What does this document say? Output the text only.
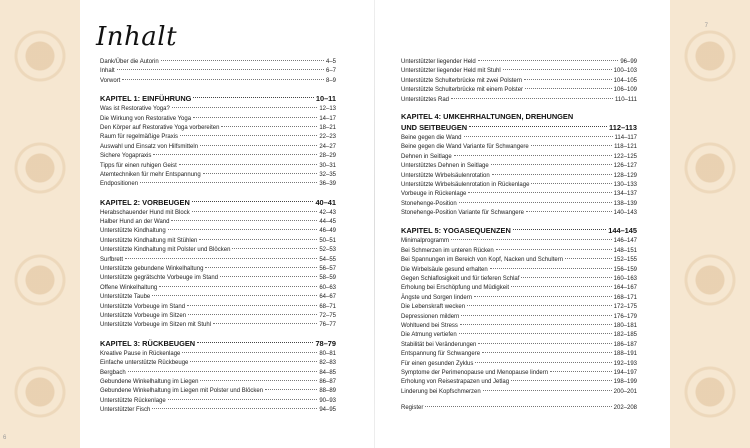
6
7
Inhalt
Dank/Über die Autorin	4–5
Inhalt	6–7
Vorwort	8–9
KAPITEL 1: EINFÜHRUNG	10–11
Was ist Restorative Yoga?	12–13
Die Wirkung von Restorative Yoga	14–17
Den Körper auf Restorative Yoga vorbereiten	18–21
Raum für regelmäßige Praxis	22–23
Auswahl und Einsatz von Hilfsmitteln	24–27
Sichere Yogapraxis	28–29
Tipps für einen ruhigen Geist	30–31
Atemtechniken für mehr Entspannung	32–35
Endpositionen	36–39
KAPITEL 2: VORBEUGEN	40–41
Herabschauender Hund mit Block	42–43
Halber Hund an der Wand	44–45
Unterstützte Kindhaltung	46–49
Unterstützte Kindhaltung mit Stühlen	50–51
Unterstützte Kindhaltung mit Polster und Blöcken	52–53
Surfbrett	54–55
Unterstützte gebundene Winkelhaltung	56–57
Unterstützte gegrätschte Vorbeuge im Stand	58–59
Offene Winkelhaltung	60–63
Unterstützte Taube	64–67
Unterstützte Vorbeuge im Stand	68–71
Unterstützte Vorbeuge im Sitzen	72–75
Unterstützte Vorbeuge im Sitzen mit Stuhl	76–77
KAPITEL 3: RÜCKBEUGEN	78–79
Kreative Pause in Rückenlage	80–81
Einfache unterstützte Rückbeuge	82–83
Bergbach	84–85
Gebundene Winkelhaltung im Liegen	86–87
Gebundene Winkelhaltung im Liegen mit Polster und Blöcken	88–89
Unterstützte Rückenlage	90–93
Unterstützter Fisch	94–95
Unterstützter liegender Held	96–99
Unterstützter liegender Held mit Stuhl	100–103
Unterstützte Schulterbrücke mit zwei Polstern	104–105
Unterstützte Schulterbrücke mit einem Polster	106–109
Unterstütztes Rad	110–111
KAPITEL 4: UMKEHRHALTUNGEN, DREHUNGEN
UND SEITBEUGEN	112–113
Beine gegen die Wand	114–117
Beine gegen die Wand Variante für Schwangere	118–121
Dehnen in Seitlage	122–125
Unterstütztes Dehnen in Seitlage	126–127
Unterstützte Wirbelsäulenrotation	128–129
Unterstützte Wirbelsäulenrotation in Rückenlage	130–133
Vorbeuge in Rückenlage	134–137
Stonehenge-Position	138–139
Stonehenge-Position Variante für Schwangere	140–143
KAPITEL 5: YOGASEQUENZEN	144–145
Minimalprogramm	146–147
Bei Schmerzen im unteren Rücken	148–151
Bei Spannungen im Bereich von Kopf, Nacken und Schultern	152–155
Die Wirbelsäule gesund erhalten	156–159
Gegen Schlaflosigkeit und für tieferen Schlaf	160–163
Erholung bei Erschöpfung und Müdigkeit	164–167
Ängste und Sorgen lindern	168–171
Die Lebenskraft wecken	172–175
Depressionen mildern	176–179
Wohltuend bei Stress	180–181
Die Atmung vertiefen	182–185
Stabilität bei Veränderungen	186–187
Entspannung für Schwangere	188–191
Für einen gesunden Zyklus	192–193
Symptome der Perimenopause und Menopause lindern	194–197
Erholung von Reisestrapazen und Jetlag	198–199
Linderung bei Kopfschmerzen	200–201
Register	202–208
